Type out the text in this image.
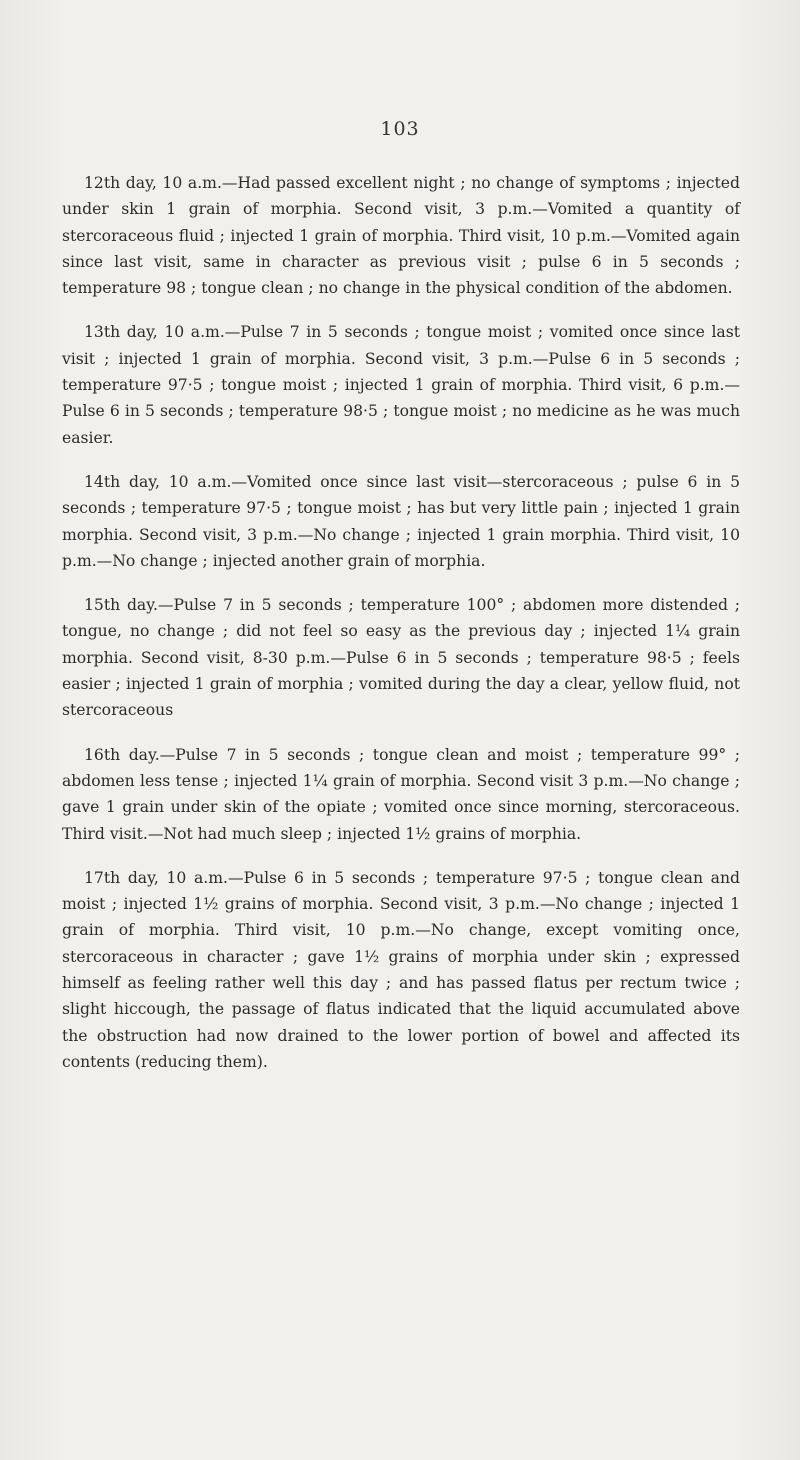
103

12th day, 10 a.m.—Had passed excellent night ; no change of symptoms ; injected under skin 1 grain of morphia. Second visit, 3 p.m.—Vomited a quantity of stercoraceous fluid ; injected 1 grain of morphia. Third visit, 10 p.m.—Vomited again since last visit, same in character as previous visit ; pulse 6 in 5 seconds ; temperature 98 ; tongue clean ; no change in the physical condition of the abdomen.

13th day, 10 a.m.—Pulse 7 in 5 seconds ; tongue moist ; vomited once since last visit ; injected 1 grain of morphia. Second visit, 3 p.m.—Pulse 6 in 5 seconds ; temperature 97·5 ; tongue moist ; injected 1 grain of morphia. Third visit, 6 p.m.—Pulse 6 in 5 seconds ; temperature 98·5 ; tongue moist ; no medicine as he was much easier.

14th day, 10 a.m.—Vomited once since last visit—stercoraceous ; pulse 6 in 5 seconds ; temperature 97·5 ; tongue moist ; has but very little pain ; injected 1 grain morphia. Second visit, 3 p.m.—No change ; injected 1 grain morphia. Third visit, 10 p.m.—No change ; injected another grain of morphia.

15th day.—Pulse 7 in 5 seconds ; temperature 100° ; abdomen more distended ; tongue, no change ; did not feel so easy as the previous day ; injected 1¼ grain morphia. Second visit, 8-30 p.m.—Pulse 6 in 5 seconds ; temperature 98·5 ; feels easier ; injected 1 grain of morphia ; vomited during the day a clear, yellow fluid, not stercoraceous

16th day.—Pulse 7 in 5 seconds ; tongue clean and moist ; temperature 99° ; abdomen less tense ; injected 1¼ grain of morphia. Second visit 3 p.m.—No change ; gave 1 grain under skin of the opiate ; vomited once since morning, stercoraceous. Third visit.—Not had much sleep ; injected 1½ grains of morphia.

17th day, 10 a.m.—Pulse 6 in 5 seconds ; temperature 97·5 ; tongue clean and moist ; injected 1½ grains of morphia. Second visit, 3 p.m.—No change ; injected 1 grain of morphia. Third visit, 10 p.m.—No change, except vomiting once, stercoraceous in character ; gave 1½ grains of morphia under skin ; expressed himself as feeling rather well this day ; and has passed flatus per rectum twice ; slight hiccough, the passage of flatus indicated that the liquid accumulated above the obstruction had now drained to the lower portion of bowel and affected its contents (reducing them).
